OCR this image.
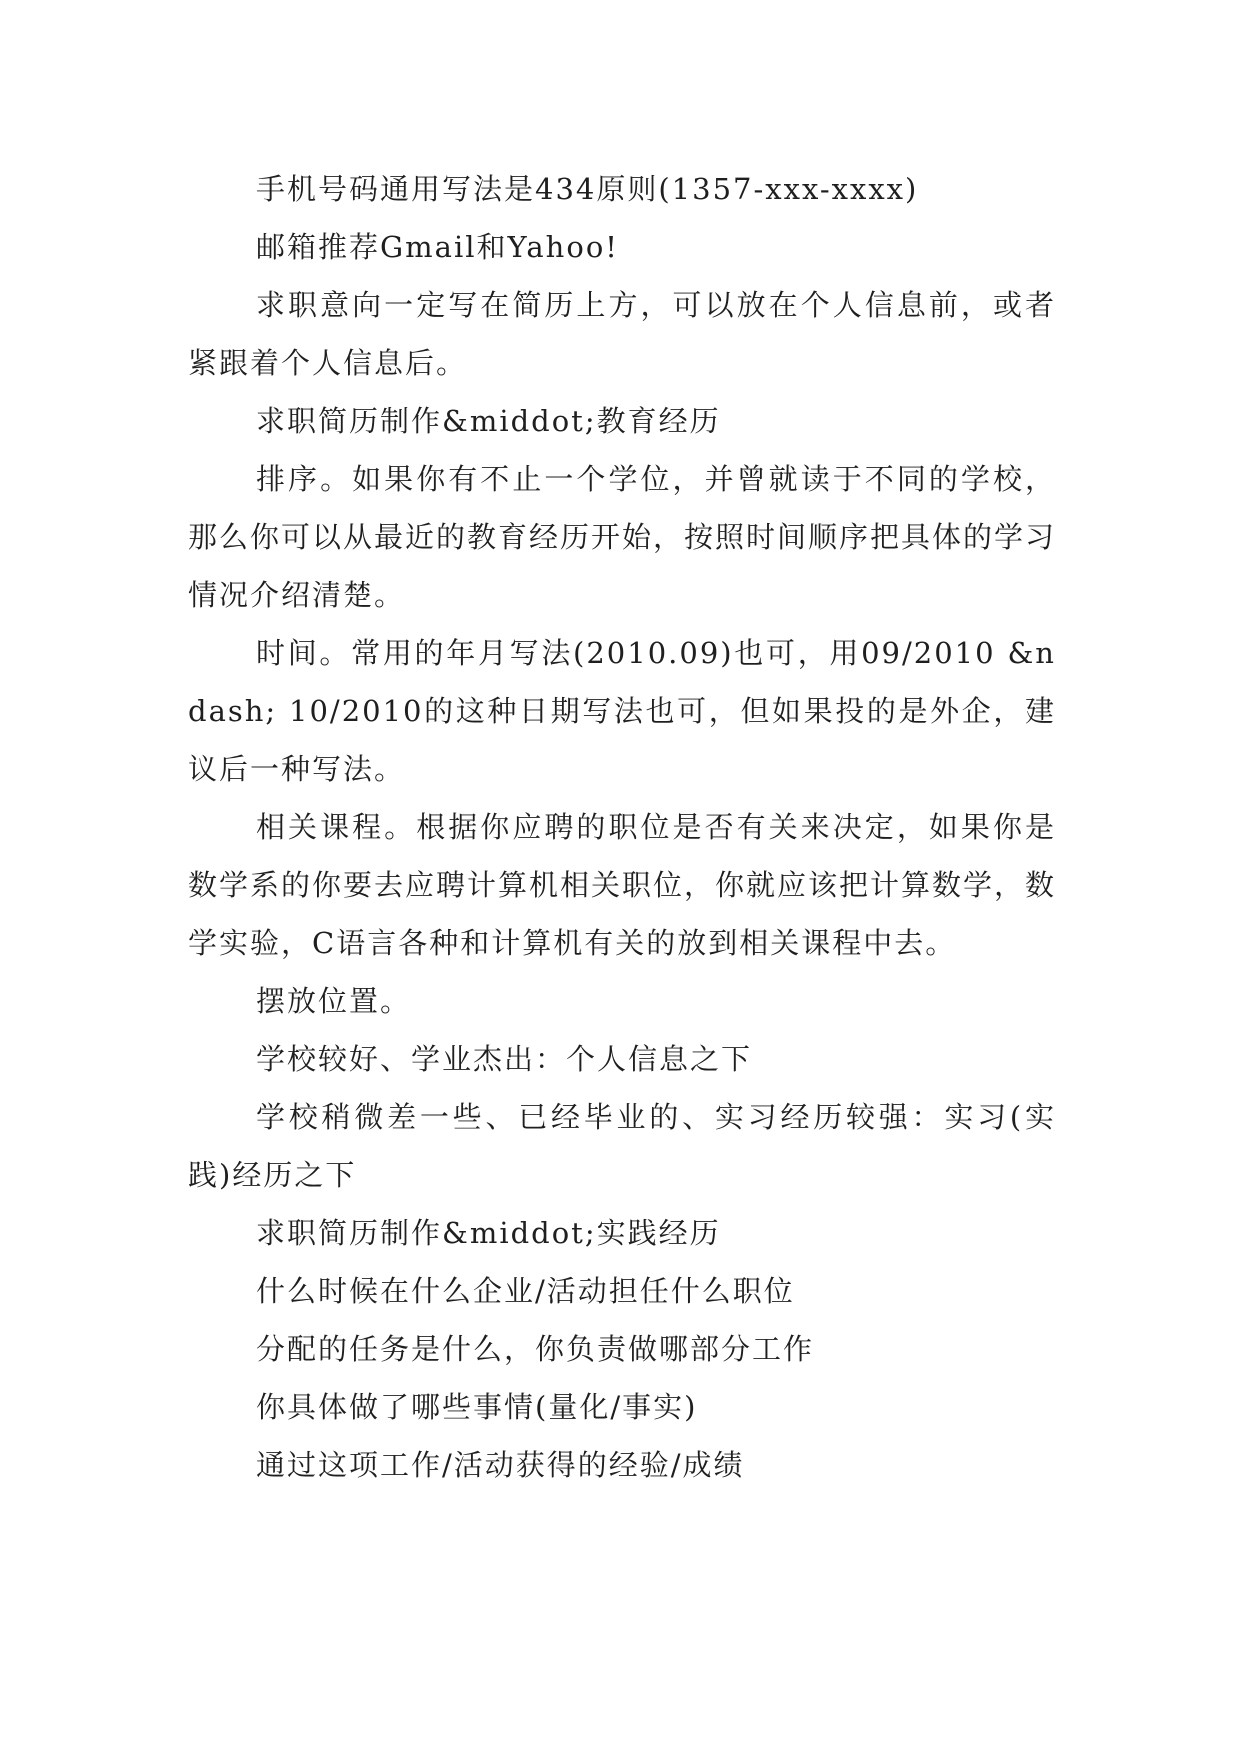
手机号码通用写法是434原则(1357-xxx-xxxx)

邮箱推荐Gmail和Yahoo!

求职意向一定写在简历上方，可以放在个人信息前，或者紧跟着个人信息后。

求职简历制作&middot;教育经历

排序。如果你有不止一个学位，并曾就读于不同的学校，那么你可以从最近的教育经历开始，按照时间顺序把具体的学习情况介绍清楚。

时间。常用的年月写法(2010.09)也可，用09/2010 &ndash; 10/2010的这种日期写法也可，但如果投的是外企，建议后一种写法。

相关课程。根据你应聘的职位是否有关来决定，如果你是数学系的你要去应聘计算机相关职位，你就应该把计算数学，数学实验，C语言各种和计算机有关的放到相关课程中去。

摆放位置。

学校较好、学业杰出：个人信息之下

学校稍微差一些、已经毕业的、实习经历较强：实习(实践)经历之下

求职简历制作&middot;实践经历

什么时候在什么企业/活动担任什么职位

分配的任务是什么，你负责做哪部分工作

你具体做了哪些事情(量化/事实)

通过这项工作/活动获得的经验/成绩
